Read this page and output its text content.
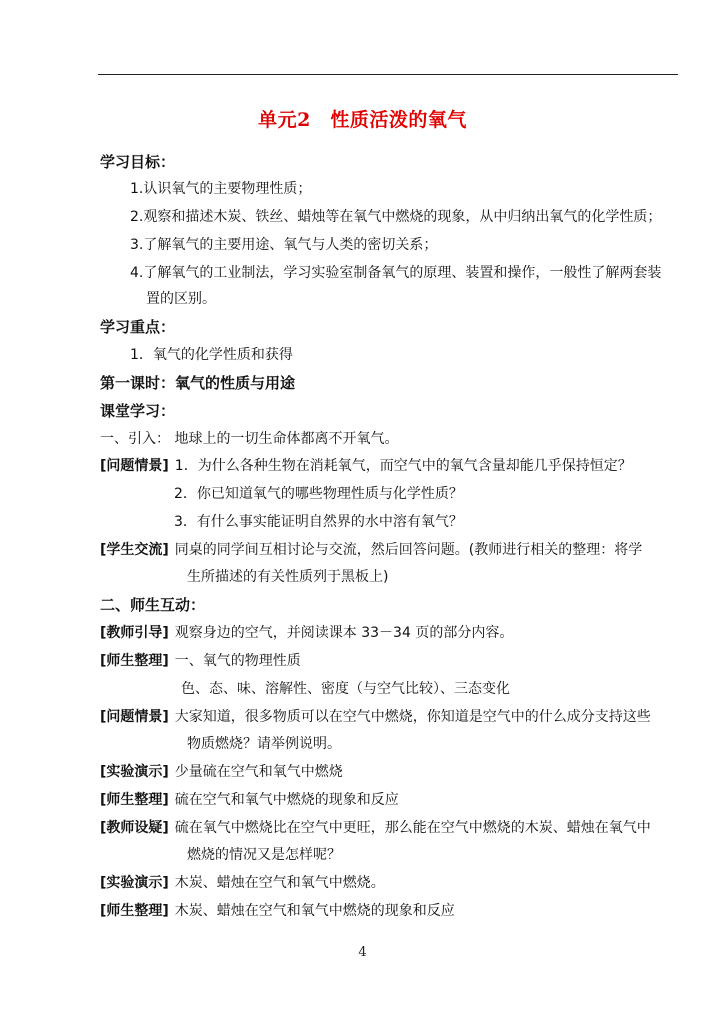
单元2　性质活泼的氧气
学习目标：
1.认识氧气的主要物理性质；
2.观察和描述木炭、铁丝、蜡烛等在氧气中燃烧的现象，从中归纳出氧气的化学性质；
3.了解氧气的主要用途、氧气与人类的密切关系；
4.了解氧气的工业制法，学习实验室制备氧气的原理、装置和操作，一般性了解两套装
置的区别。
学习重点：
1．氧气的化学性质和获得
第一课时：氧气的性质与用途
课堂学习：
一、引入： 地球上的一切生命体都离不开氧气。
[问题情景] 1．为什么各种生物在消耗氧气，而空气中的氧气含量却能几乎保持恒定？
2．你已知道氧气的哪些物理性质与化学性质？
3．有什么事实能证明自然界的水中溶有氧气？
[学生交流] 同桌的同学间互相讨论与交流，然后回答问题。(教师进行相关的整理：将学
生所描述的有关性质列于黑板上)
二、师生互动：
[教师引导] 观察身边的空气，并阅读课本 33－34 页的部分内容。
[师生整理] 一、氧气的物理性质
色、态、味、溶解性、密度（与空气比较）、三态变化
[问题情景] 大家知道，很多物质可以在空气中燃烧，你知道是空气中的什么成分支持这些
物质燃烧？请举例说明。
[实验演示] 少量硫在空气和氧气中燃烧
[师生整理] 硫在空气和氧气中燃烧的现象和反应
[教师设疑] 硫在氧气中燃烧比在空气中更旺，那么能在空气中燃烧的木炭、蜡烛在氧气中
燃烧的情况又是怎样呢？
[实验演示] 木炭、蜡烛在空气和氧气中燃烧。
[师生整理] 木炭、蜡烛在空气和氧气中燃烧的现象和反应
4
